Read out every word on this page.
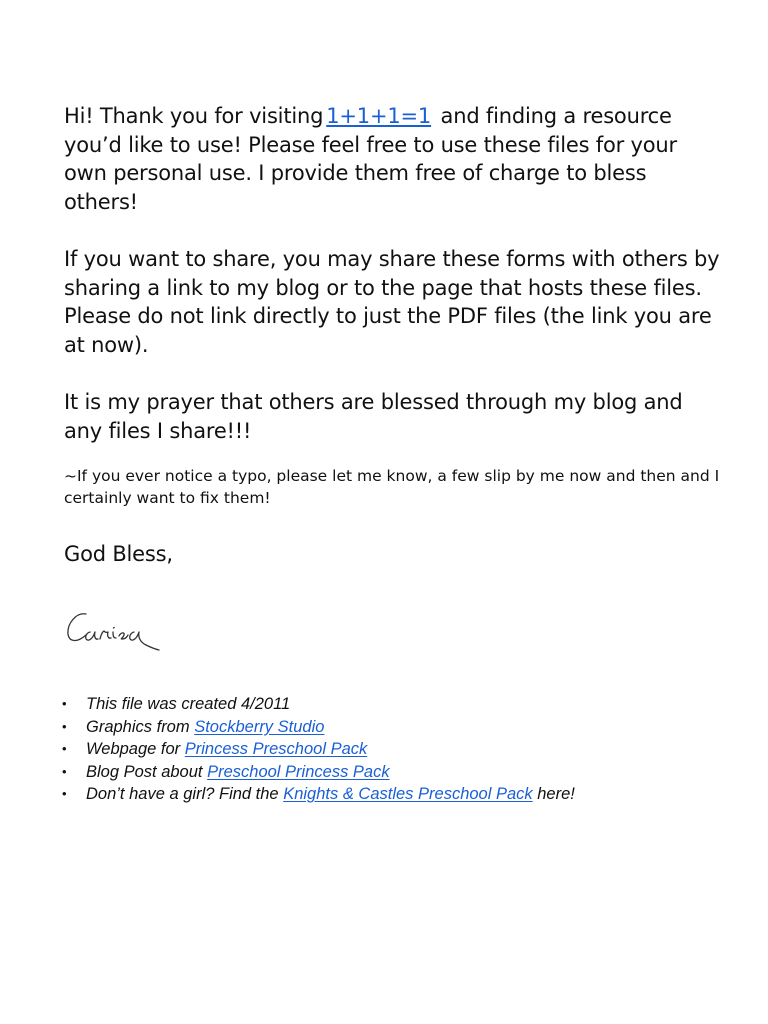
Hi! Thank you for visiting 1+1+1=1 and finding a resource you’d like to use! Please feel free to use these files for your own personal use. I provide them free of charge to bless others!

If you want to share, you may share these forms with others by sharing a link to my blog or to the page that hosts these files. Please do not link directly to just the PDF files (the link you are at now).

It is my prayer that others are blessed through my blog and any files I share!!!

~If you ever notice a typo, please let me know, a few slip by me now and then and I certainly want to fix them!

God Bless,

• This file was created 4/2011
• Graphics from Stockberry Studio
• Webpage for Princess Preschool Pack
• Blog Post about Preschool Princess Pack
• Don’t have a girl? Find the Knights & Castles Preschool Pack here!
